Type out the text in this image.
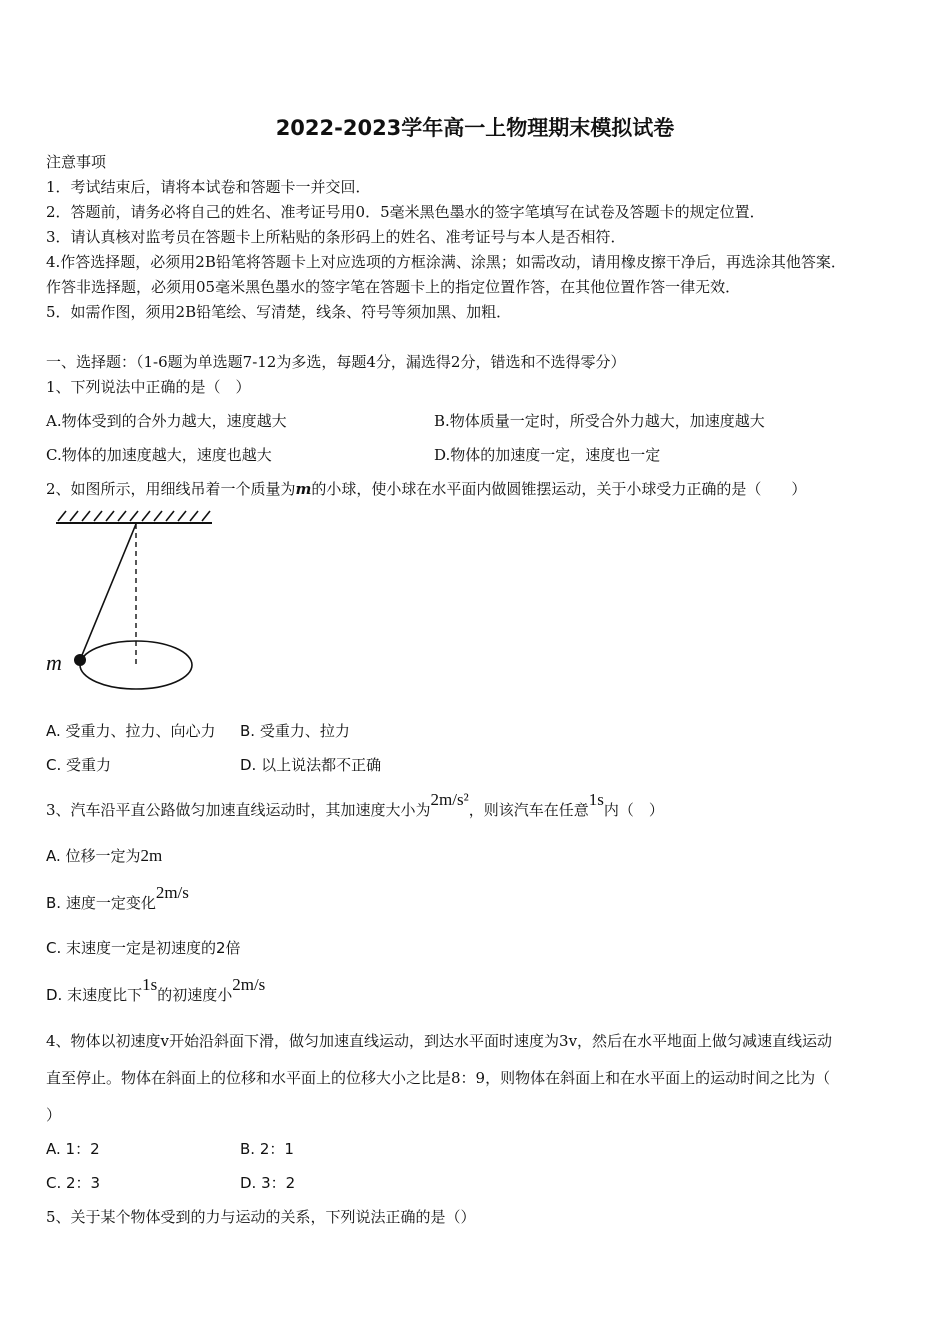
2022-2023学年高一上物理期末模拟试卷
注意事项
1．考试结束后，请将本试卷和答题卡一并交回．
2．答题前，请务必将自己的姓名、准考证号用0．5毫米黑色墨水的签字笔填写在试卷及答题卡的规定位置．
3．请认真核对监考员在答题卡上所粘贴的条形码上的姓名、准考证号与本人是否相符．
4.作答选择题，必须用2B铅笔将答题卡上对应选项的方框涂满、涂黑；如需改动，请用橡皮擦干净后，再选涂其他答案．
作答非选择题，必须用05毫米黑色墨水的签字笔在答题卡上的指定位置作答，在其他位置作答一律无效．
5．如需作图，须用2B铅笔绘、写清楚，线条、符号等须加黑、加粗．
一、选择题：（1-6题为单选题7-12为多选，每题4分，漏选得2分，错选和不选得零分）
1、下列说法中正确的是（　）
A.物体受到的合外力越大，速度越大	B.物体质量一定时，所受合外力越大，加速度越大
C.物体的加速度越大，速度也越大	D.物体的加速度一定，速度也一定
2、如图所示，用细线吊着一个质量为m的小球，使小球在水平面内做圆锥摆运动，关于小球受力正确的是（　　）
m
A. 受重力、拉力、向心力 B. 受重力、拉力
C. 受重力	D. 以上说法都不正确
3、汽车沿平直公路做匀加速直线运动时，其加速度大小为2m/s²，则该汽车在任意1s内（　）
A. 位移一定为2m
B. 速度一定变化2m/s
C. 末速度一定是初速度的2倍
D. 末速度比下1s的初速度小2m/s
4、物体以初速度v开始沿斜面下滑，做匀加速直线运动，到达水平面时速度为3v，然后在水平地面上做匀减速直线运动
直至停止。物体在斜面上的位移和水平面上的位移大小之比是8：9，则物体在斜面上和在水平面上的运动时间之比为（
）
A. 1：2	B. 2：1
C. 2：3	D. 3：2
5、关于某个物体受到的力与运动的关系，下列说法正确的是（）
